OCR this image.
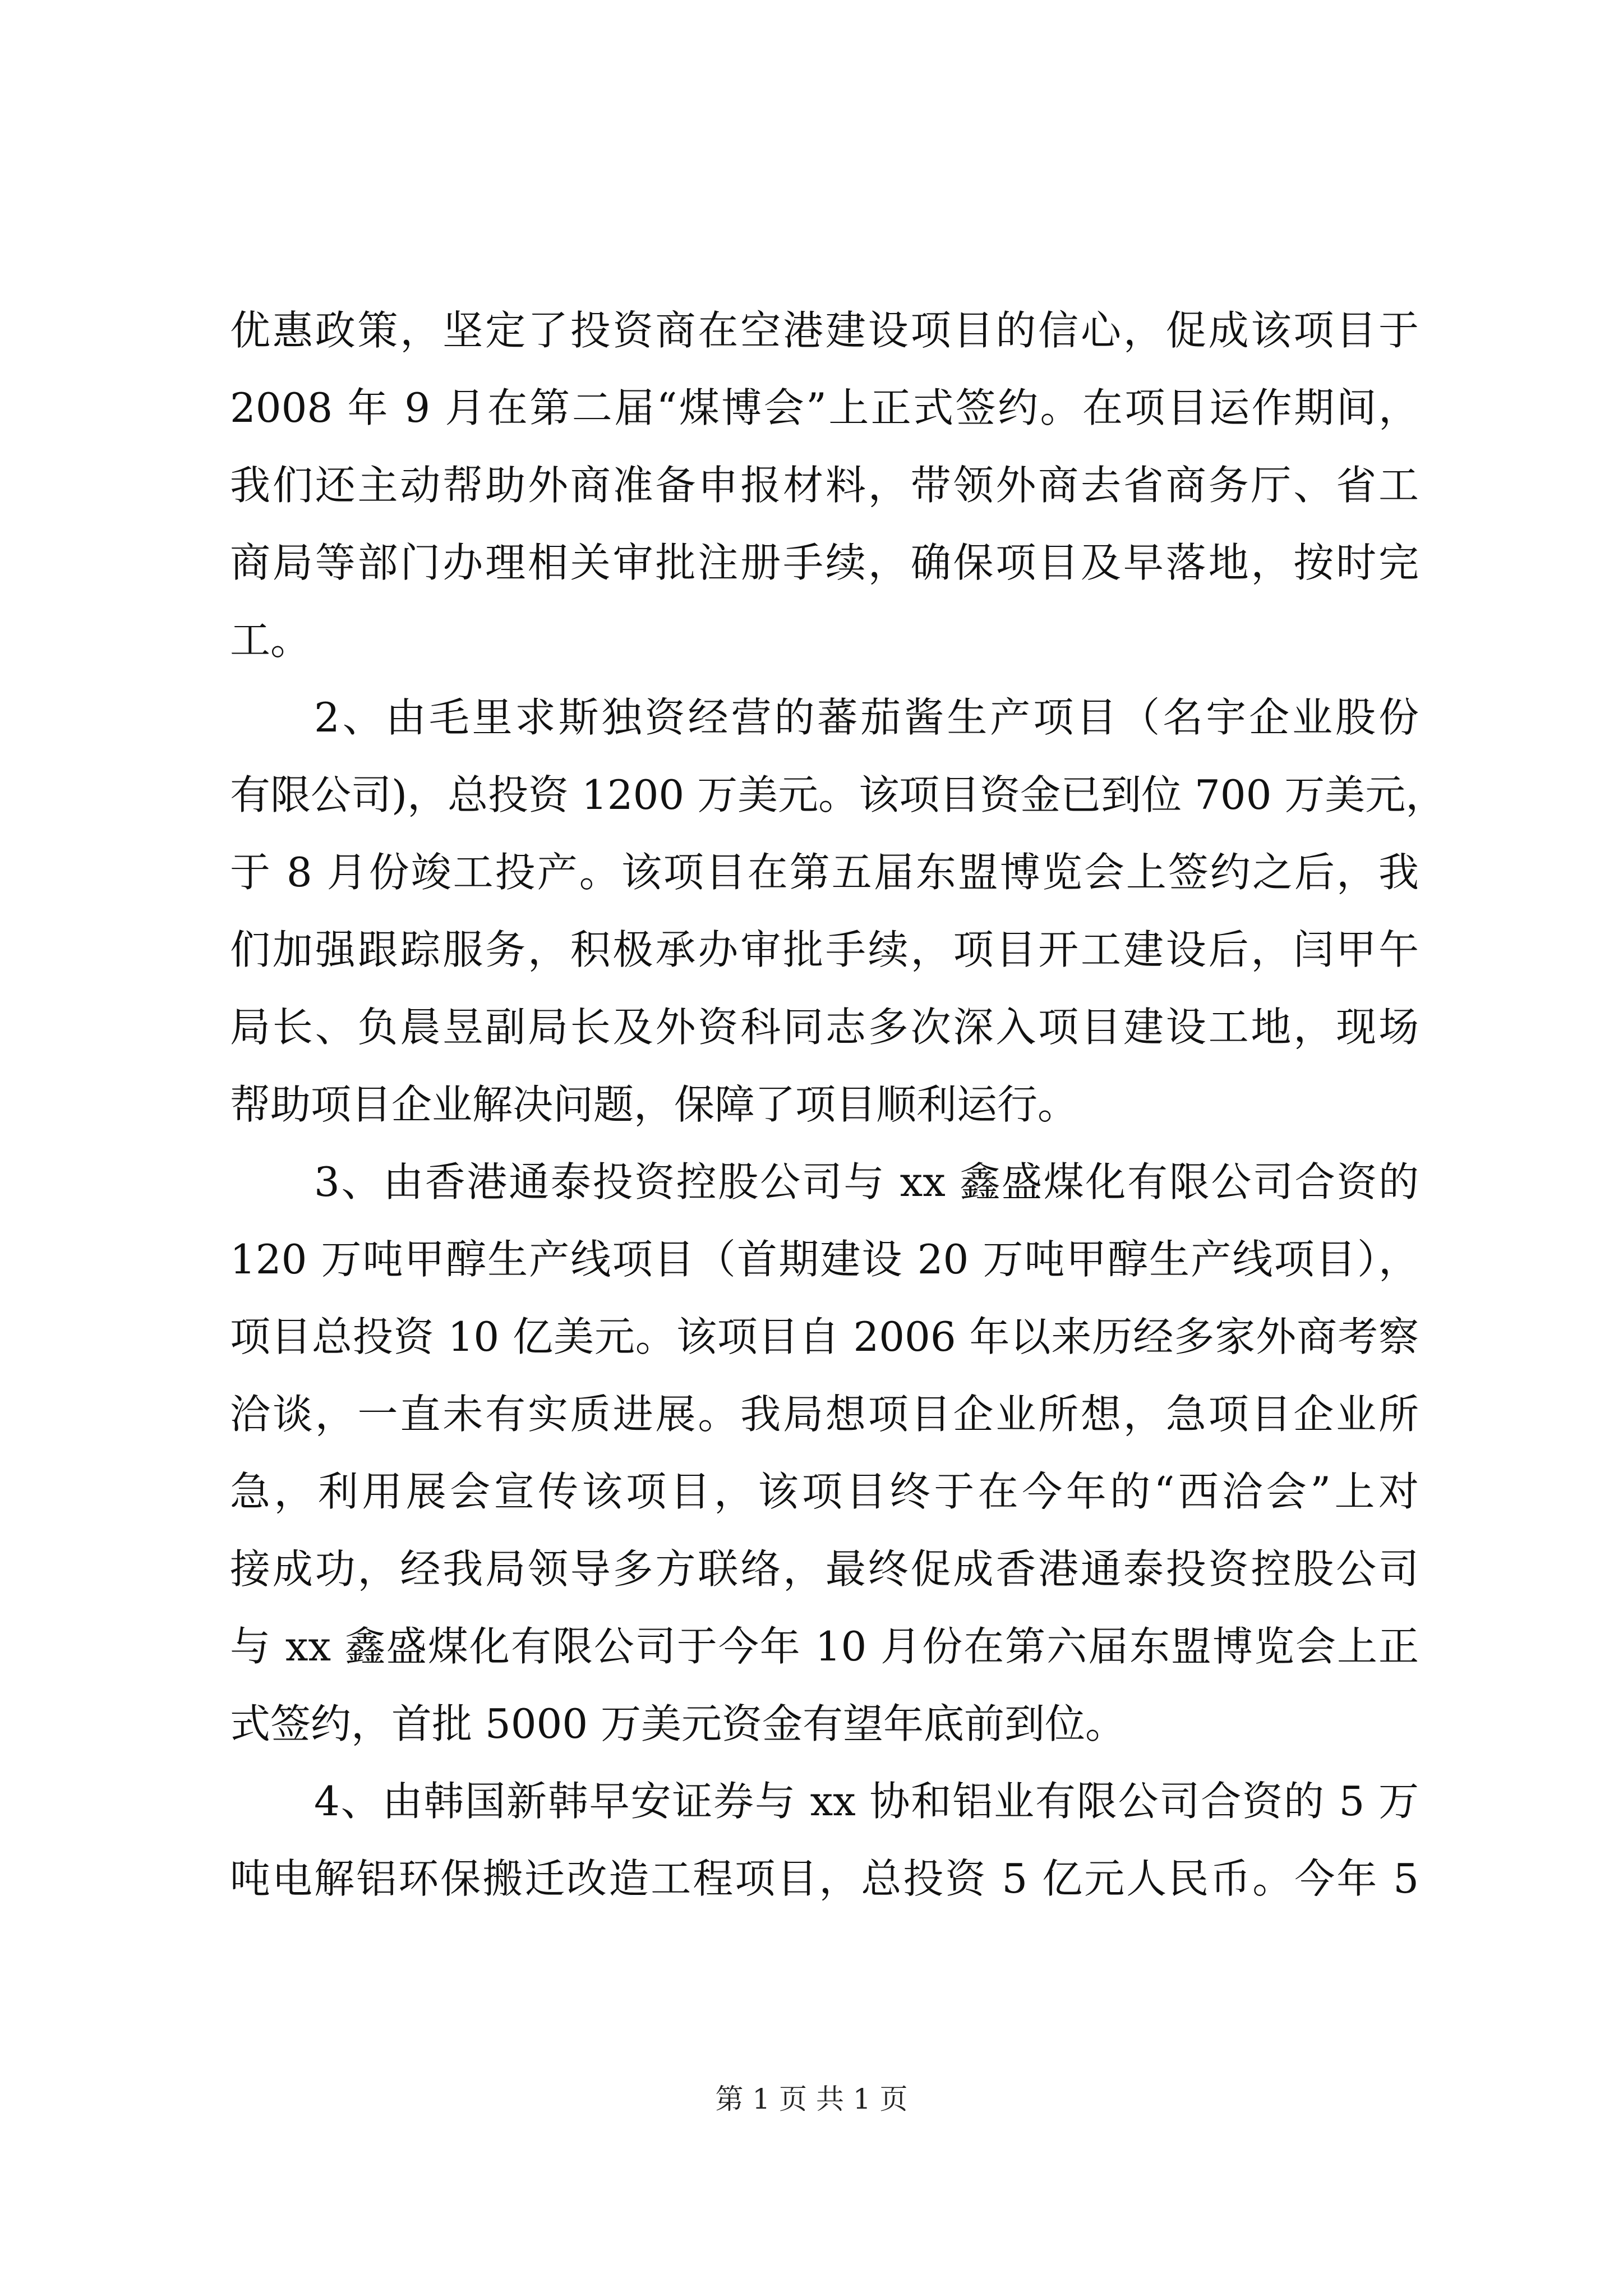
优惠政策，坚定了投资商在空港建设项目的信心，促成该项目于
2008 年 9 月在第二届“煤博会”上正式签约。在项目运作期间，
我们还主动帮助外商准备申报材料，带领外商去省商务厅、省工
商局等部门办理相关审批注册手续，确保项目及早落地，按时完
工。
2、由毛里求斯独资经营的蕃茄酱生产项目（名宇企业股份
有限公司)，总投资 1200 万美元。该项目资金已到位 700 万美元，
于 8 月份竣工投产。该项目在第五届东盟博览会上签约之后，我
们加强跟踪服务，积极承办审批手续，项目开工建设后，闫甲午
局长、负晨昱副局长及外资科同志多次深入项目建设工地，现场
帮助项目企业解决问题，保障了项目顺利运行。
3、由香港通泰投资控股公司与 xx 鑫盛煤化有限公司合资的
120 万吨甲醇生产线项目（首期建设 20 万吨甲醇生产线项目），
项目总投资 10 亿美元。该项目自 2006 年以来历经多家外商考察
洽谈，一直未有实质进展。我局想项目企业所想，急项目企业所
急，利用展会宣传该项目，该项目终于在今年的“西洽会”上对
接成功，经我局领导多方联络，最终促成香港通泰投资控股公司
与 xx 鑫盛煤化有限公司于今年 10 月份在第六届东盟博览会上正
式签约，首批 5000 万美元资金有望年底前到位。
4、由韩国新韩早安证券与 xx 协和铝业有限公司合资的 5 万
吨电解铝环保搬迁改造工程项目，总投资 5 亿元人民币。今年 5
第 1 页 共 1 页
